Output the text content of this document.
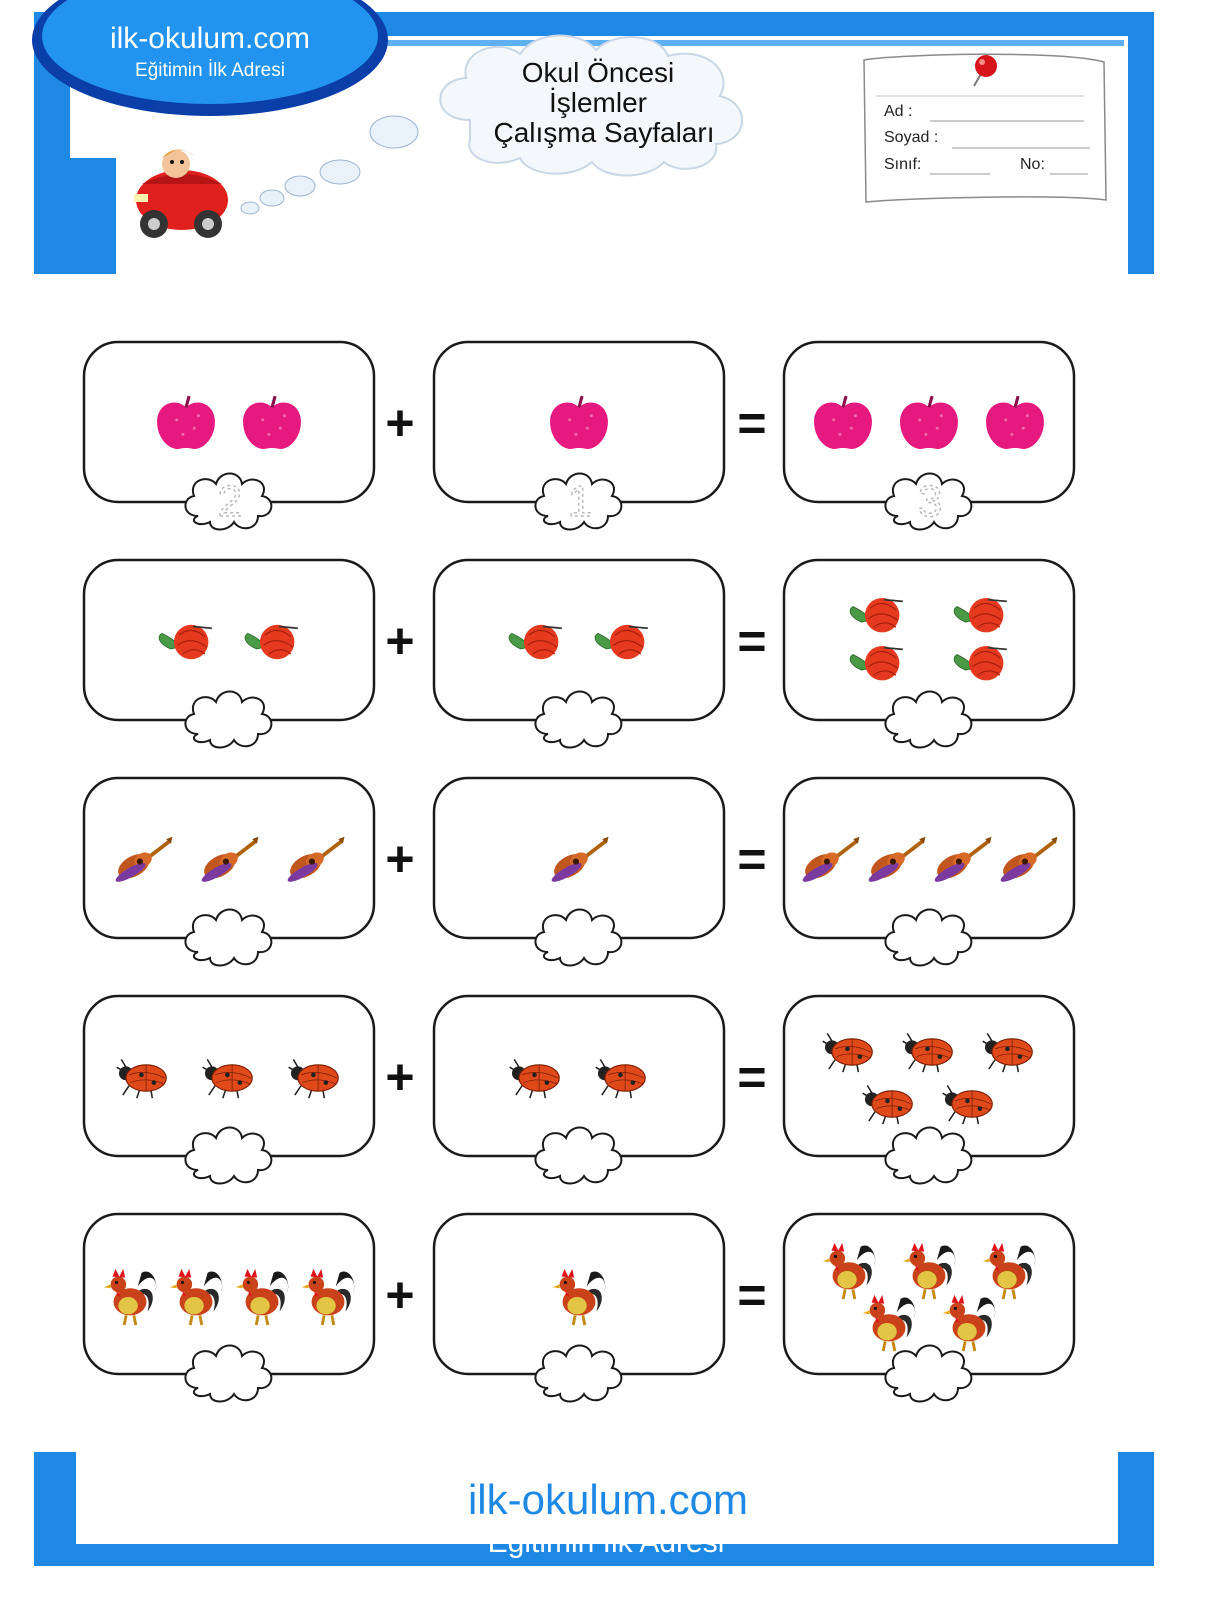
ilk-okulum.com
Eğitimin İlk Adresi	Okul Öncesi
İşlemler
Çalışma Sayfaları
Ad :
Soyad :
Sınıf:	No:
2	1	3
+	=
+	=
+	=
+	=
+	=
ilk-okulum.com
Eğitimin İlk Adresi
